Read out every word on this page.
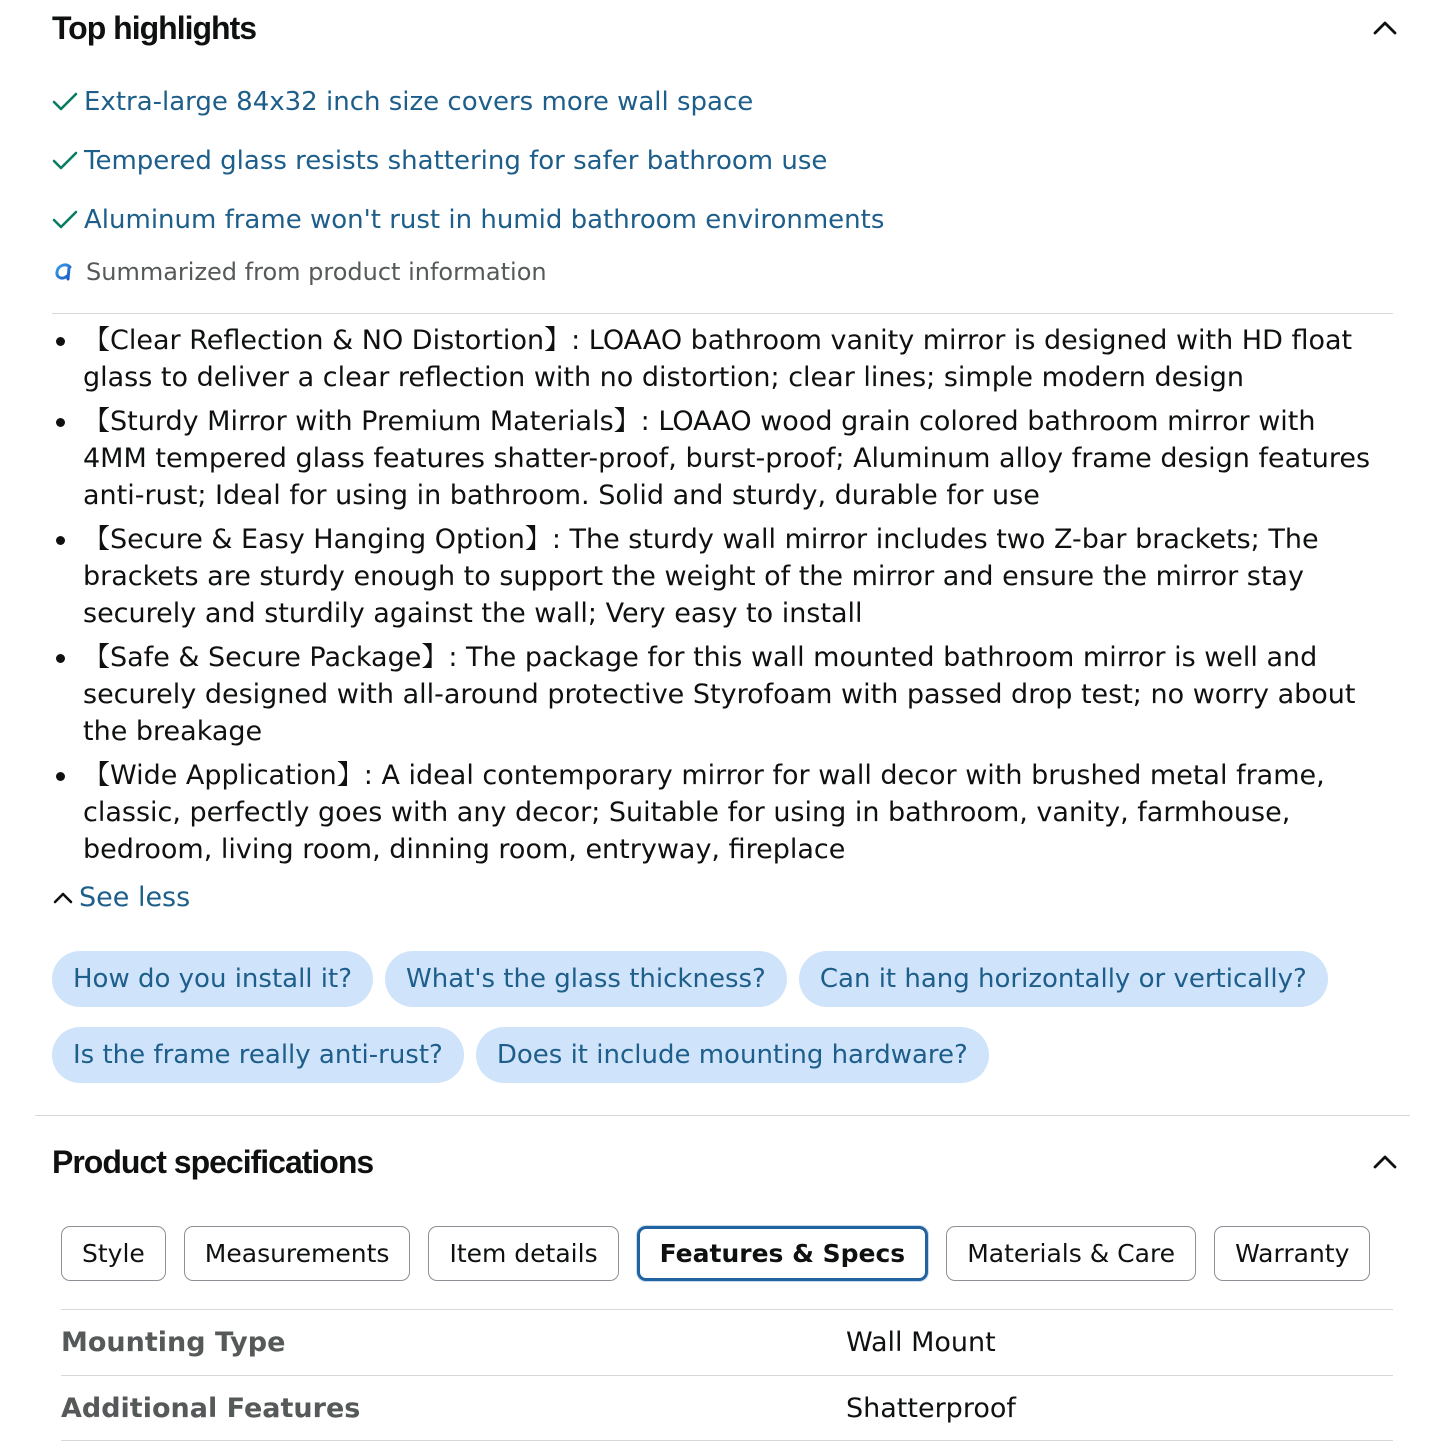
Top highlights
Extra-large 84x32 inch size covers more wall space
Tempered glass resists shattering for safer bathroom use
Aluminum frame won't rust in humid bathroom environments
Summarized from product information
【Clear Reflection & NO Distortion】: LOAAO bathroom vanity mirror is designed with HD float glass to deliver a clear reflection with no distortion; clear lines; simple modern design
【Sturdy Mirror with Premium Materials】: LOAAO wood grain colored bathroom mirror with 4MM tempered glass features shatter-proof, burst-proof; Aluminum alloy frame design features anti-rust; Ideal for using in bathroom. Solid and sturdy, durable for use
【Secure & Easy Hanging Option】: The sturdy wall mirror includes two Z-bar brackets; The brackets are sturdy enough to support the weight of the mirror and ensure the mirror stay securely and sturdily against the wall; Very easy to install
【Safe & Secure Package】: The package for this wall mounted bathroom mirror is well and securely designed with all-around protective Styrofoam with passed drop test; no worry about the breakage
【Wide Application】: A ideal contemporary mirror for wall decor with brushed metal frame, classic, perfectly goes with any decor; Suitable for using in bathroom, vanity, farmhouse, bedroom, living room, dinning room, entryway, fireplace
See less
How do you install it?	What's the glass thickness?	Can it hang horizontally or vertically?
Is the frame really anti-rust?	Does it include mounting hardware?
Product specifications
Style	Measurements	Item details	Features & Specs	Materials & Care	Warranty
Mounting Type	Wall Mount
Additional Features	Shatterproof
